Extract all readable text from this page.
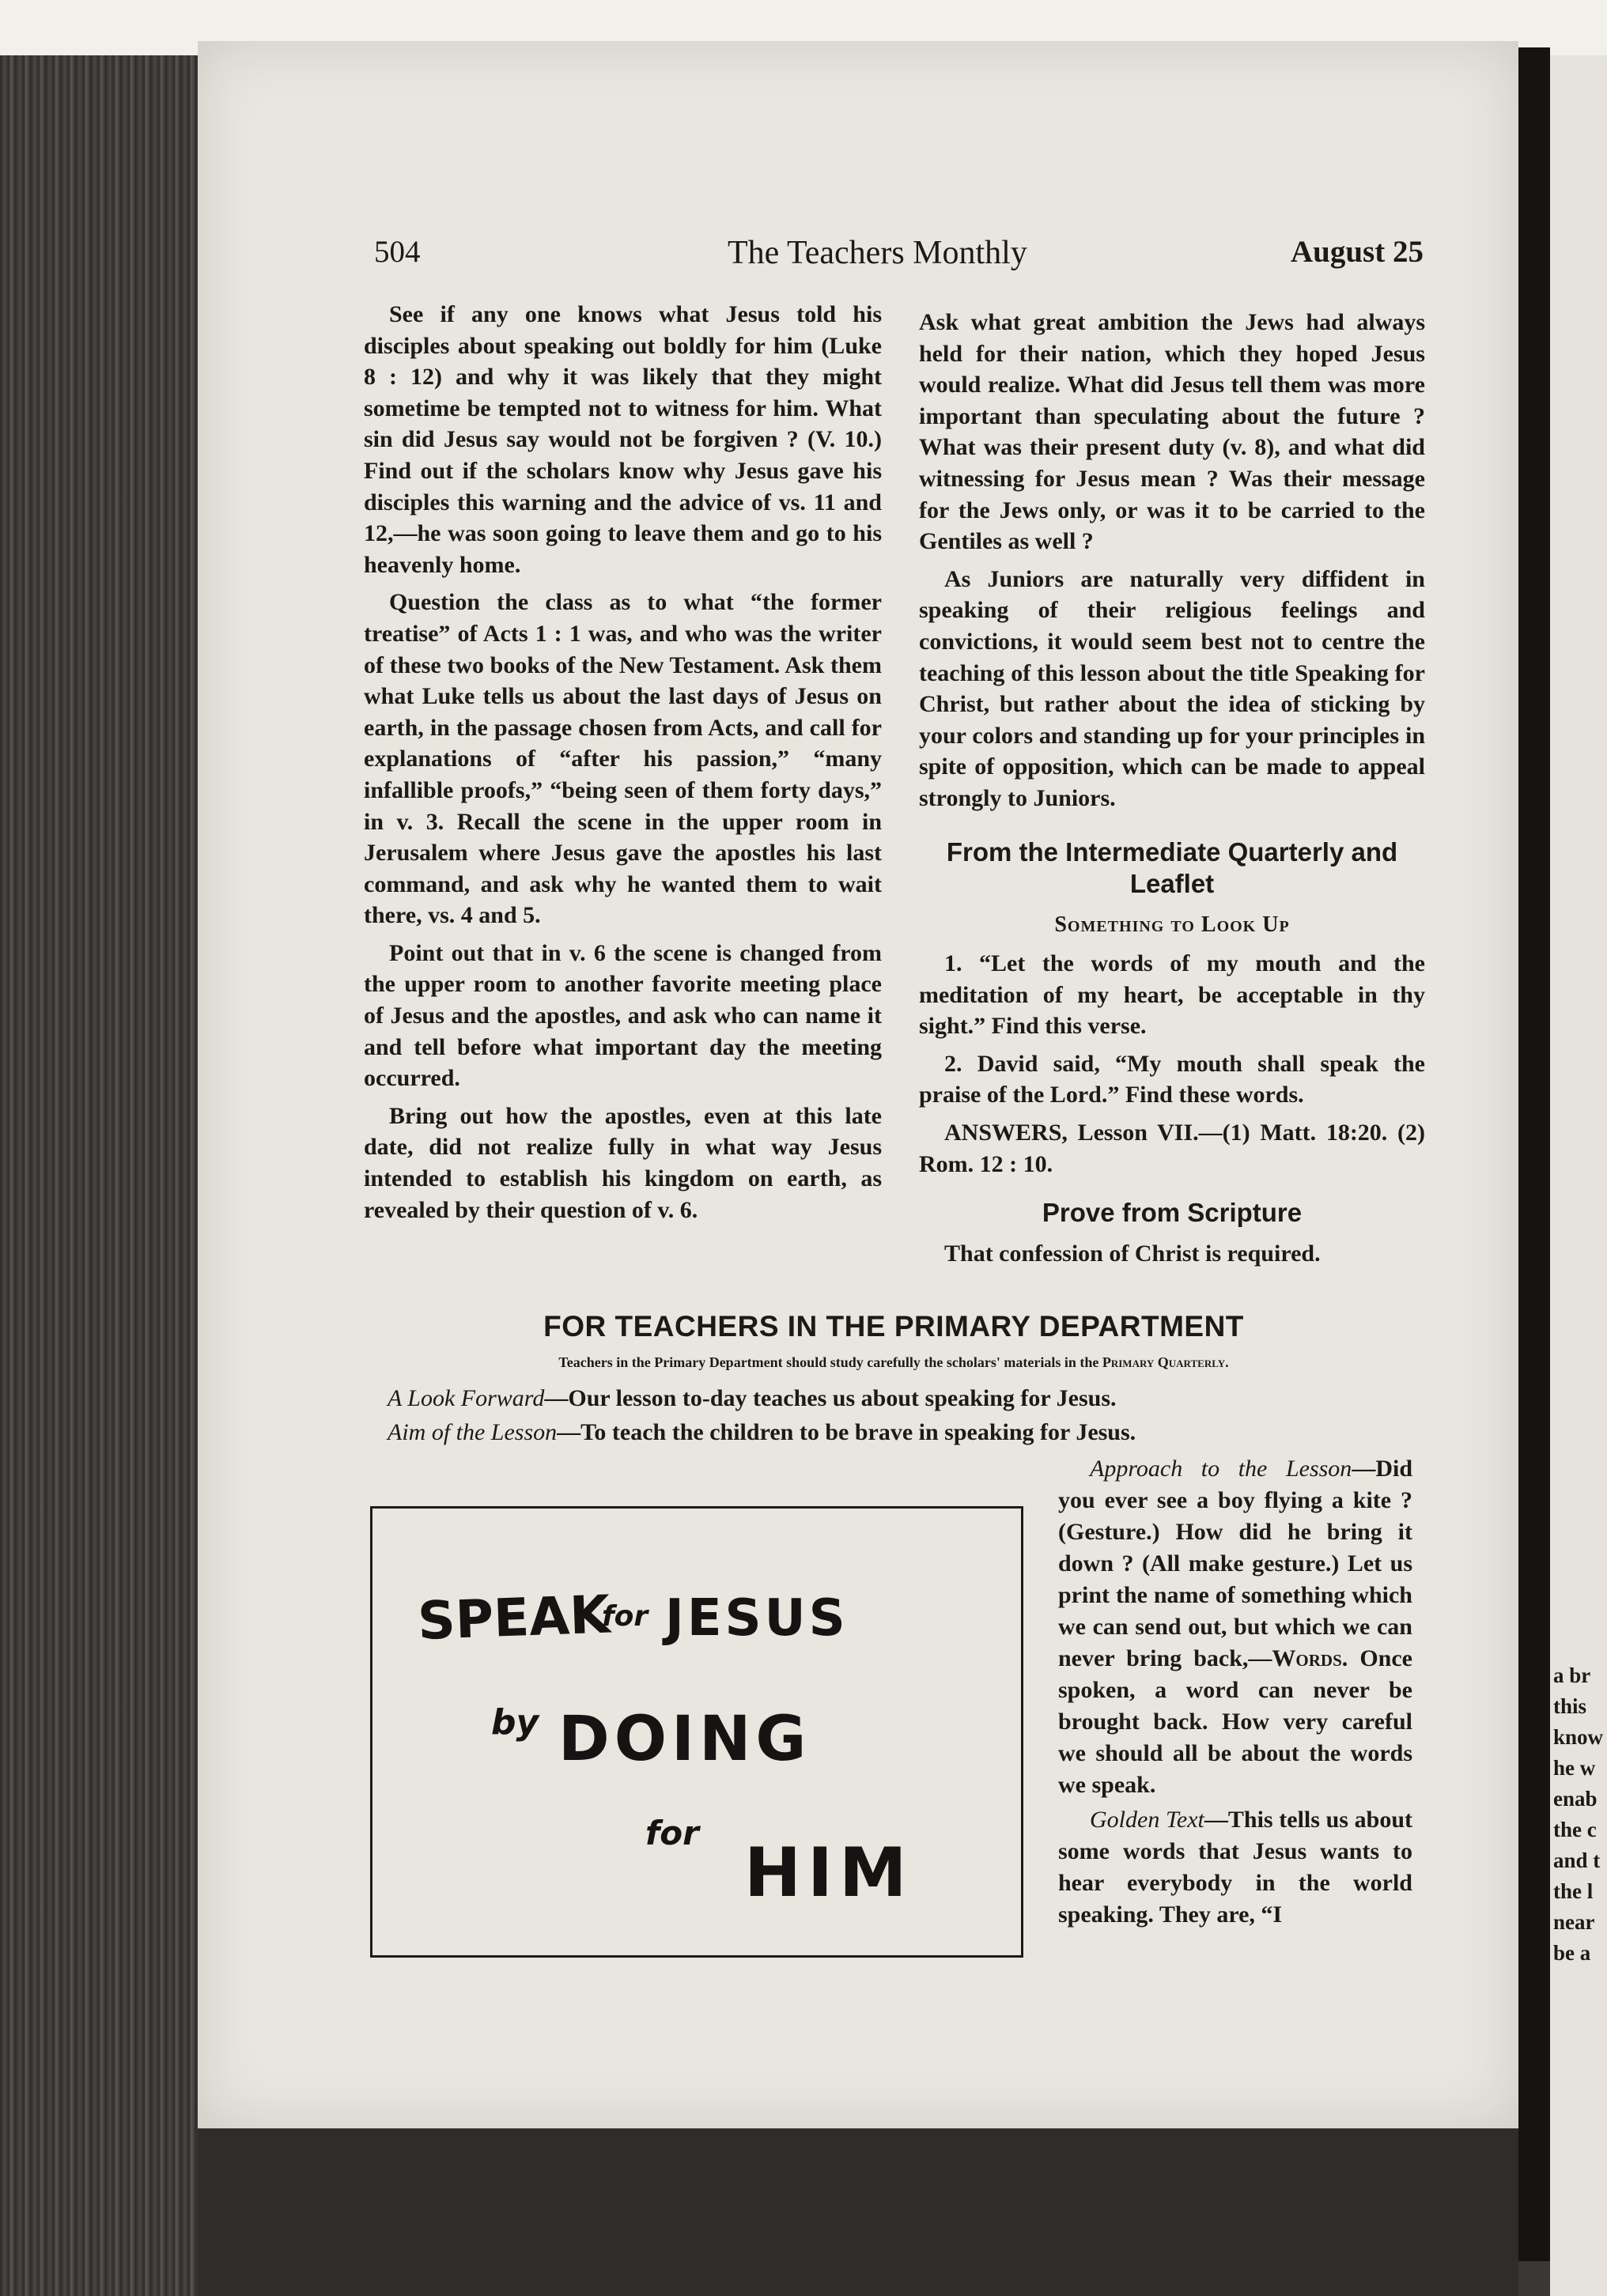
a br
this
know
he w
enab
the c
and t
the l
near
be a
504	The Teachers Monthly	August 25

See if any one knows what Jesus told his disciples about speaking out boldly for him (Luke 8 : 12) and why it was likely that they might sometime be tempted not to witness for him. What sin did Jesus say would not be forgiven ? (V. 10.) Find out if the scholars know why Jesus gave his disciples this warning and the advice of vs. 11 and 12,—he was soon going to leave them and go to his heavenly home.

Question the class as to what “the former treatise” of Acts 1 : 1 was, and who was the writer of these two books of the New Testament. Ask them what Luke tells us about the last days of Jesus on earth, in the passage chosen from Acts, and call for explanations of “after his passion,” “many infallible proofs,” “being seen of them forty days,” in v. 3. Recall the scene in the upper room in Jerusalem where Jesus gave the apostles his last command, and ask why he wanted them to wait there, vs. 4 and 5.

Point out that in v. 6 the scene is changed from the upper room to another favorite meeting place of Jesus and the apostles, and ask who can name it and tell before what important day the meeting occurred.

Bring out how the apostles, even at this late date, did not realize fully in what way Jesus intended to establish his kingdom on earth, as revealed by their question of v. 6.

Ask what great ambition the Jews had always held for their nation, which they hoped Jesus would realize. What did Jesus tell them was more important than speculating about the future ? What was their present duty (v. 8), and what did witnessing for Jesus mean ? Was their message for the Jews only, or was it to be carried to the Gentiles as well ?

As Juniors are naturally very diffident in speaking of their religious feelings and convictions, it would seem best not to centre the teaching of this lesson about the title Speaking for Christ, but rather about the idea of sticking by your colors and standing up for your principles in spite of opposition, which can be made to appeal strongly to Juniors.

From the Intermediate Quarterly and Leaflet
Something to Look Up

1. “Let the words of my mouth and the meditation of my heart, be acceptable in thy sight.” Find this verse.

2. David said, “My mouth shall speak the praise of the Lord.” Find these words.

ANSWERS, Lesson VII.—(1) Matt. 18:20. (2) Rom. 12 : 10.

Prove from Scripture

That confession of Christ is required.

FOR TEACHERS IN THE PRIMARY DEPARTMENT
Teachers in the Primary Department should study carefully the scholars' materials in the Primary Quarterly.
A Look Forward—Our lesson to-day teaches us about speaking for Jesus.
Aim of the Lesson—To teach the children to be brave in speaking for Jesus.
SPEAK
for JESUS
by DOING
for
HIM

Approach to the Lesson—Did you ever see a boy flying a kite ? (Gesture.) How did he bring it down ? (All make gesture.) Let us print the name of something which we can send out, but which we can never bring back,—Words. Once spoken, a word can never be brought back. How very careful we should all be about the words we speak.

Golden Text—This tells us about some words that Jesus wants to hear everybody in the world speaking. They are, “I
